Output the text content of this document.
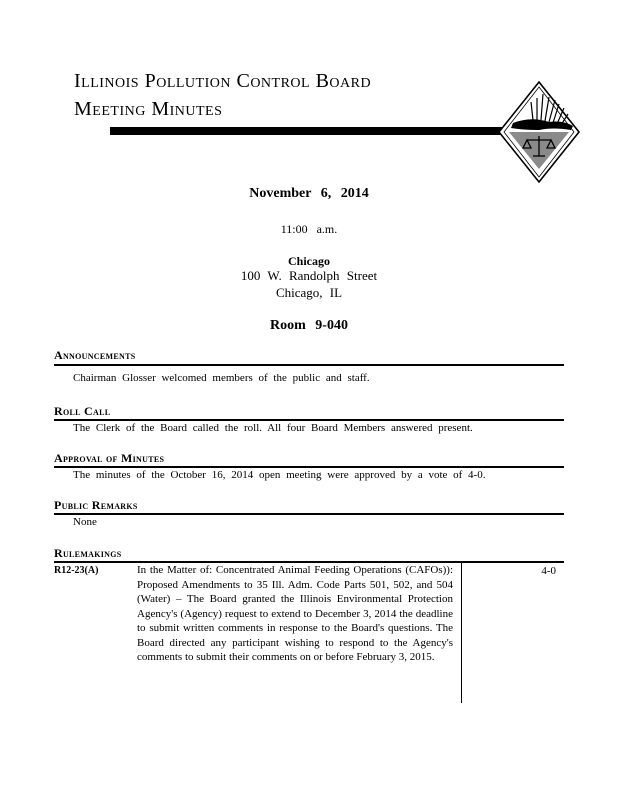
Illinois Pollution Control Board
Meeting Minutes
November 6, 2014
11:00 a.m.
Chicago
100 W. Randolph Street
Chicago, IL
Room 9-040
Announcements
Chairman Glosser welcomed members of the public and staff.
Roll Call
The Clerk of the Board called the roll. All four Board Members answered present.
Approval of Minutes
The minutes of the October 16, 2014 open meeting were approved by a vote of 4-0.
Public Remarks
None
Rulemakings
R12-23(A)	In the Matter of: Concentrated Animal Feeding Operations (CAFOs)): Proposed Amendments to 35 Ill. Adm. Code Parts 501, 502, and 504 (Water) – The Board granted the Illinois Environmental Protection Agency's (Agency) request to extend to December 3, 2014 the deadline to submit written comments in response to the Board's questions. The Board directed any participant wishing to respond to the Agency's comments to submit their comments on or before February 3, 2015.
4-0
